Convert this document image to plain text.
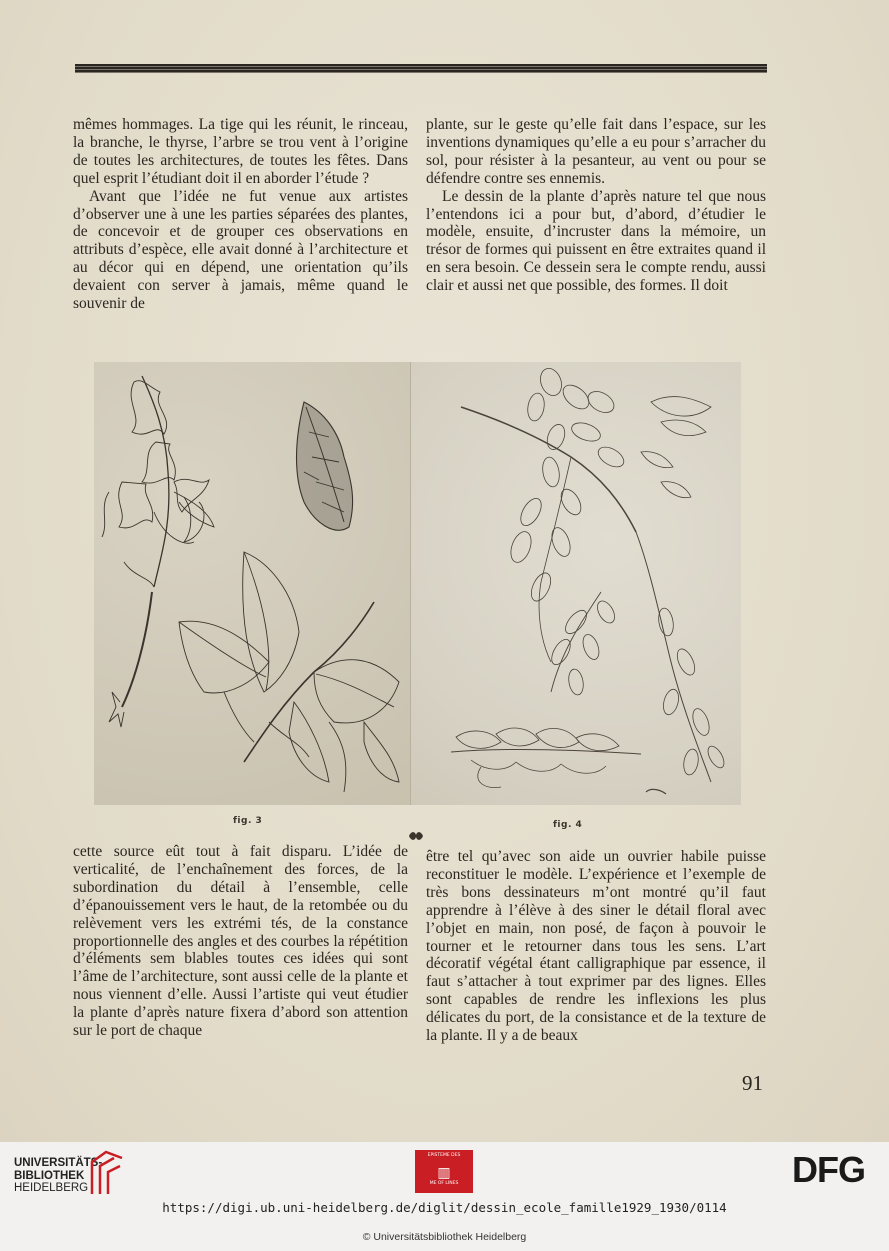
mêmes hommages. La tige qui les réunit, le rinceau, la branche, le thyrse, l’arbre se trou vent à l’origine de toutes les architectures, de toutes les fêtes. Dans quel esprit l’étudiant doit il en aborder l’étude ?

Avant que l’idée ne fut venue aux artistes d’observer une à une les parties séparées des plantes, de concevoir et de grouper ces observations en attributs d’espèce, elle avait donné à l’architecture et au décor qui en dépend, une orientation qu’ils devaient con server à jamais, même quand le souvenir de

plante, sur le geste qu’elle fait dans l’espace, sur les inventions dynamiques qu’elle a eu pour s’arracher du sol, pour résister à la pesanteur, au vent ou pour se défendre contre ses ennemis.

Le dessin de la plante d’après nature tel que nous l’entendons ici a pour but, d’abord, d’étudier le modèle, ensuite, d’incruster dans la mémoire, un trésor de formes qui puissent en être extraites quand il en sera besoin. Ce dessein sera le compte rendu, aussi clair et aussi net que possible, des formes. Il doit

fig. 3	fig. 4

cette source eût tout à fait disparu. L’idée de verticalité, de l’enchaînement des forces, de la subordination du détail à l’ensemble, celle d’épanouissement vers le haut, de la retombée ou du relèvement vers les extrémi tés, de la constance proportionnelle des angles et des courbes la répétition d’éléments sem blables toutes ces idées qui sont l’âme de l’architecture, sont aussi celle de la plante et nous viennent d’elle. Aussi l’artiste qui veut étudier la plante d’après nature fixera d’abord son attention sur le port de chaque

être tel qu’avec son aide un ouvrier habile puisse reconstituer le modèle. L’expérience et l’exemple de très bons dessinateurs m’ont montré qu’il faut apprendre à l’élève à des siner le détail floral avec l’objet en main, non posé, de façon à pouvoir le tourner et le retourner dans tous les sens. L’art décoratif végétal étant calligraphique par essence, il faut s’attacher à tout exprimer par des lignes. Elles sont capables de rendre les inflexions les plus délicates du port, de la consistance et de la texture de la plante. Il y a de beaux

91
UNIVERSITÄTS-
BIBLIOTHEK
HEIDELBERG
EPISTEME DES
▥
ME OF LINES	DFG
https://digi.ub.uni-heidelberg.de/diglit/dessin_ecole_famille1929_1930/0114
© Universitätsbibliothek Heidelberg
